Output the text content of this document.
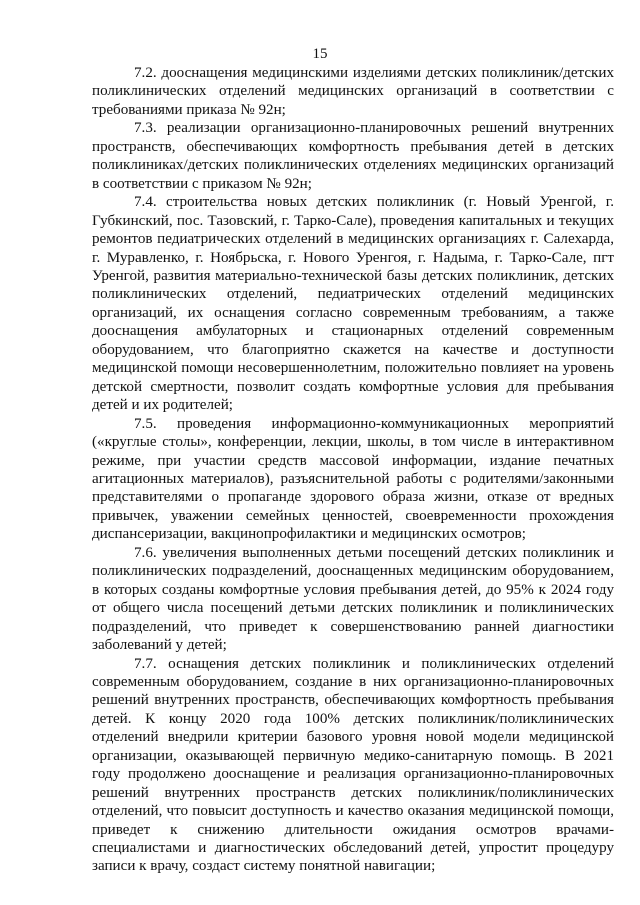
15

7.2. дооснащения медицинскими изделиями детских поликлиник/детских поликлинических отделений медицинских организаций в соответствии с требованиями приказа № 92н;

7.3. реализации организационно-планировочных решений внутренних пространств, обеспечивающих комфортность пребывания детей в детских поликлиниках/детских поликлинических отделениях медицинских организаций в соответствии с приказом № 92н;

7.4. строительства новых детских поликлиник (г. Новый Уренгой, г. Губкинский, пос. Тазовский, г. Тарко-Сале), проведения капитальных и текущих ремонтов педиатрических отделений в медицинских организациях г. Салехарда, г. Муравленко, г. Ноябрьска, г. Нового Уренгоя, г. Надыма, г. Тарко-Сале, пгт Уренгой, развития материально-технической базы детских поликлиник, детских поликлинических отделений, педиатрических отделений медицинских организаций, их оснащения согласно современным требованиям, а также дооснащения амбулаторных и стационарных отделений современным оборудованием, что благоприятно скажется на качестве и доступности медицинской помощи несовершеннолетним, положительно повлияет на уровень детской смертности, позволит создать комфортные условия для пребывания детей и их родителей;

7.5. проведения информационно-коммуникационных мероприятий («круглые столы», конференции, лекции, школы, в том числе в интерактивном режиме, при участии средств массовой информации, издание печатных агитационных материалов), разъяснительной работы с родителями/законными представителями о пропаганде здорового образа жизни, отказе от вредных привычек, уважении семейных ценностей, своевременности прохождения диспансеризации, вакцинопрофилактики и медицинских осмотров;

7.6. увеличения выполненных детьми посещений детских поликлиник и поликлинических подразделений, дооснащенных медицинским оборудованием, в которых созданы комфортные условия пребывания детей, до 95% к 2024 году от общего числа посещений детьми детских поликлиник и поликлинических подразделений, что приведет к совершенствованию ранней диагностики заболеваний у детей;

7.7. оснащения детских поликлиник и поликлинических отделений современным оборудованием, создание в них организационно-планировочных решений внутренних пространств, обеспечивающих комфортность пребывания детей. К концу 2020 года 100% детских поликлиник/поликлинических отделений внедрили критерии базового уровня новой модели медицинской организации, оказывающей первичную медико-санитарную помощь. В 2021 году продолжено дооснащение и реализация организационно-планировочных решений внутренних пространств детских поликлиник/поликлинических отделений, что повысит доступность и качество оказания медицинской помощи, приведет к снижению длительности ожидания осмотров врачами-специалистами и диагностических обследований детей, упростит процедуру записи к врачу, создаст систему понятной навигации;
